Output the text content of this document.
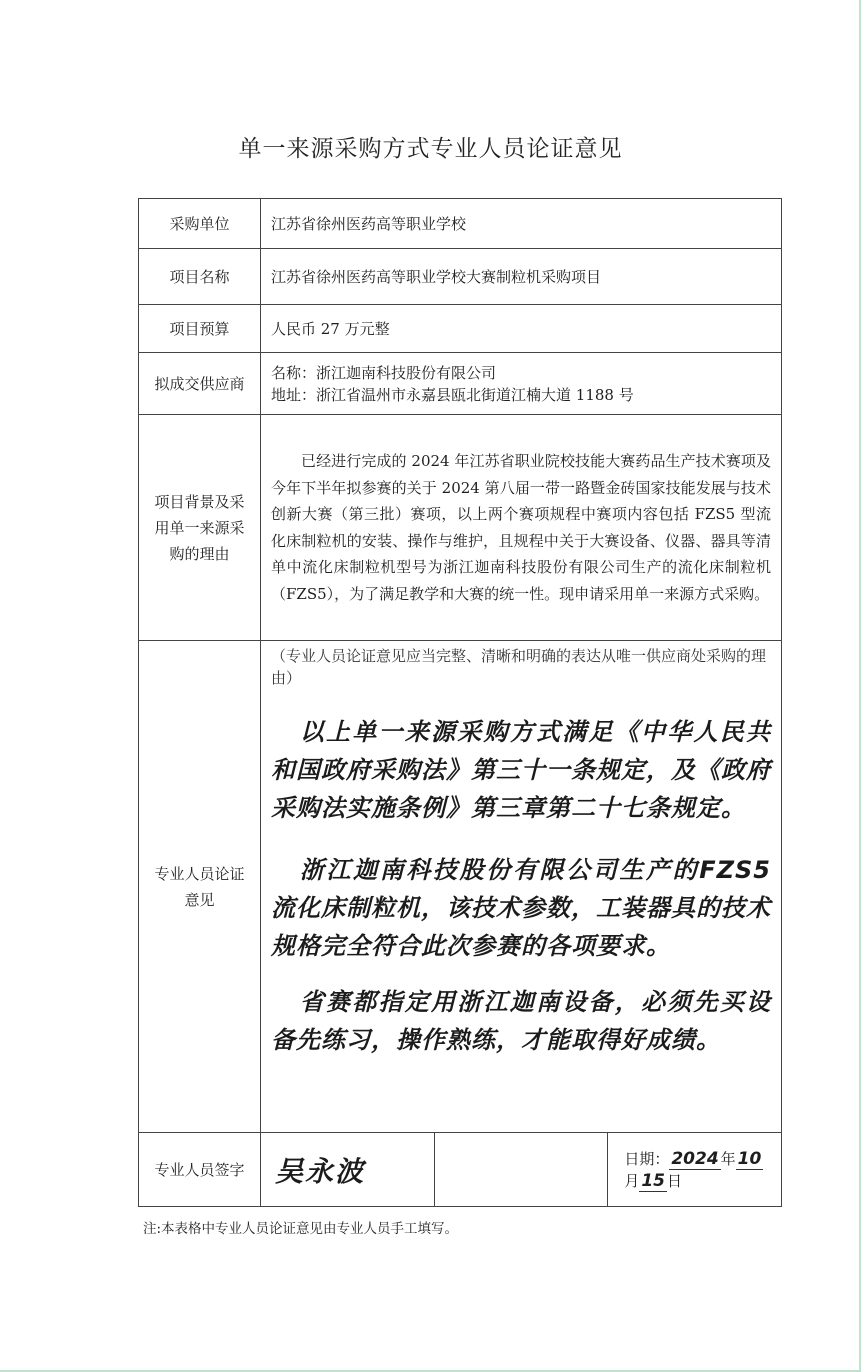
单一来源采购方式专业人员论证意见
采购单位	江苏省徐州医药高等职业学校		
项目名称	江苏省徐州医药高等职业学校大赛制粒机采购项目		
项目预算	人民币 27 万元整		
拟成交供应商	名称：浙江迦南科技股份有限公司
地址：浙江省温州市永嘉县瓯北街道江楠大道 1188 号		

项目背景及采用单一来源采购的理由	已经进行完成的 2024 年江苏省职业院校技能大赛药品生产技术赛项及今年下半年拟参赛的关于 2024 第八届一带一路暨金砖国家技能发展与技术创新大赛（第三批）赛项，以上两个赛项规程中赛项内容包括 FZS5 型流化床制粒机的安装、操作与维护，且规程中关于大赛设备、仪器、器具等清单中流化床制粒机型号为浙江迦南科技股份有限公司生产的流化床制粒机（FZS5），为了满足教学和大赛的统一性。现申请采用单一来源方式采购。		
专业人员论证意见	（专业人员论证意见应当完整、清晰和明确的表达从唯一供应商处采购的理由）
以上单一来源采购方式满足《中华人民共和国政府采购法》第三十一条规定，及《政府采购法实施条例》第三章第二十七条规定。
浙江迦南科技股份有限公司生产的FZS5流化床制粒机，该技术参数，工装器具的技术规格完全符合此次参赛的各项要求。
省赛都指定用浙江迦南设备，必须先买设备先练习，操作熟练，才能取得好成绩。		

专业人员签字	吴永波		日期： 2024 年 10月 15 日
注:本表格中专业人员论证意见由专业人员手工填写。
